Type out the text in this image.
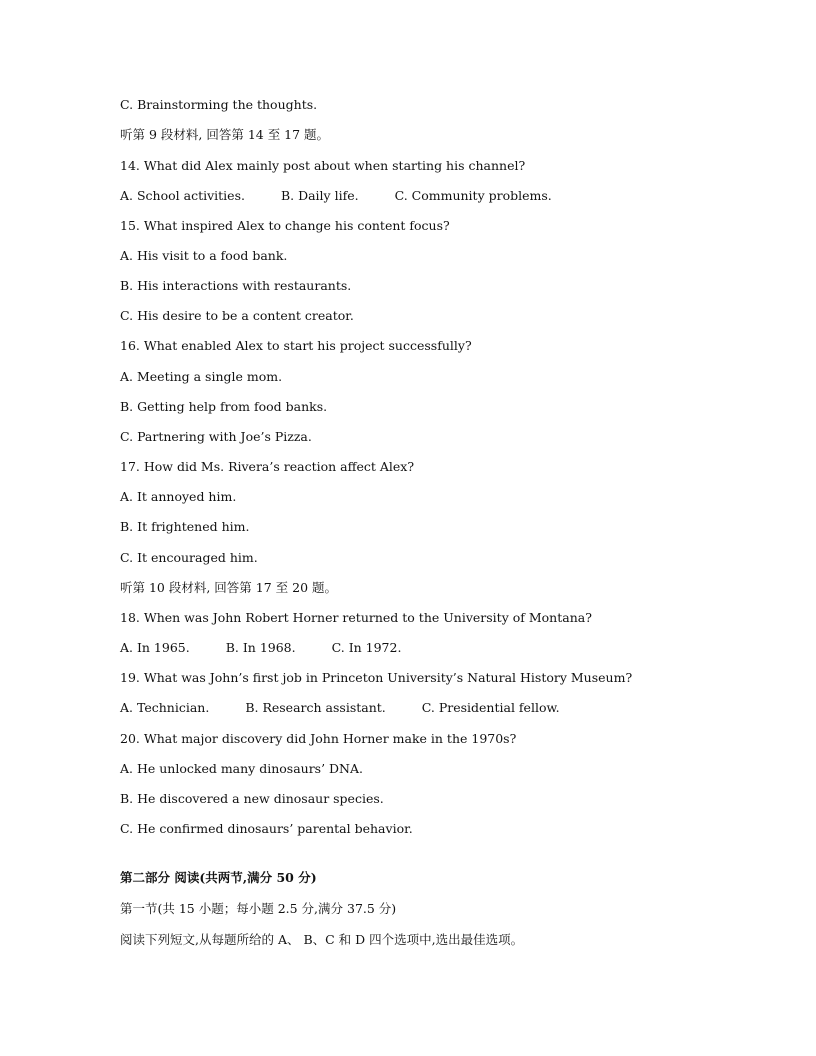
C. Brainstorming the thoughts.
听第 9 段材料, 回答第 14 至 17 题。
14. What did Alex mainly post about when starting his channel?
A. School activities.	B. Daily life.	C. Community problems.
15. What inspired Alex to change his content focus?
A. His visit to a food bank.
B. His interactions with restaurants.
C. His desire to be a content creator.
16. What enabled Alex to start his project successfully?
A. Meeting a single mom.
B. Getting help from food banks.
C. Partnering with Joe’s Pizza.
17. How did Ms. Rivera’s reaction affect Alex?
A. It annoyed him.
B. It frightened him.
C. It encouraged him.
听第 10 段材料, 回答第 17 至 20 题。
18. When was John Robert Horner returned to the University of Montana?
A. In 1965.	B. In 1968.	C. In 1972.
19. What was John’s first job in Princeton University’s Natural History Museum?
A. Technician.	B. Research assistant.	C. Presidential fellow.
20. What major discovery did John Horner make in the 1970s?
A. He unlocked many dinosaurs’ DNA.
B. He discovered a new dinosaur species.
C. He confirmed dinosaurs’ parental behavior.
第二部分 阅读(共两节,满分 50 分)
第一节(共 15 小题；每小题 2.5 分,满分 37.5 分)
阅读下列短文,从每题所给的 A、 B、C 和 D 四个选项中,选出最佳选项。
